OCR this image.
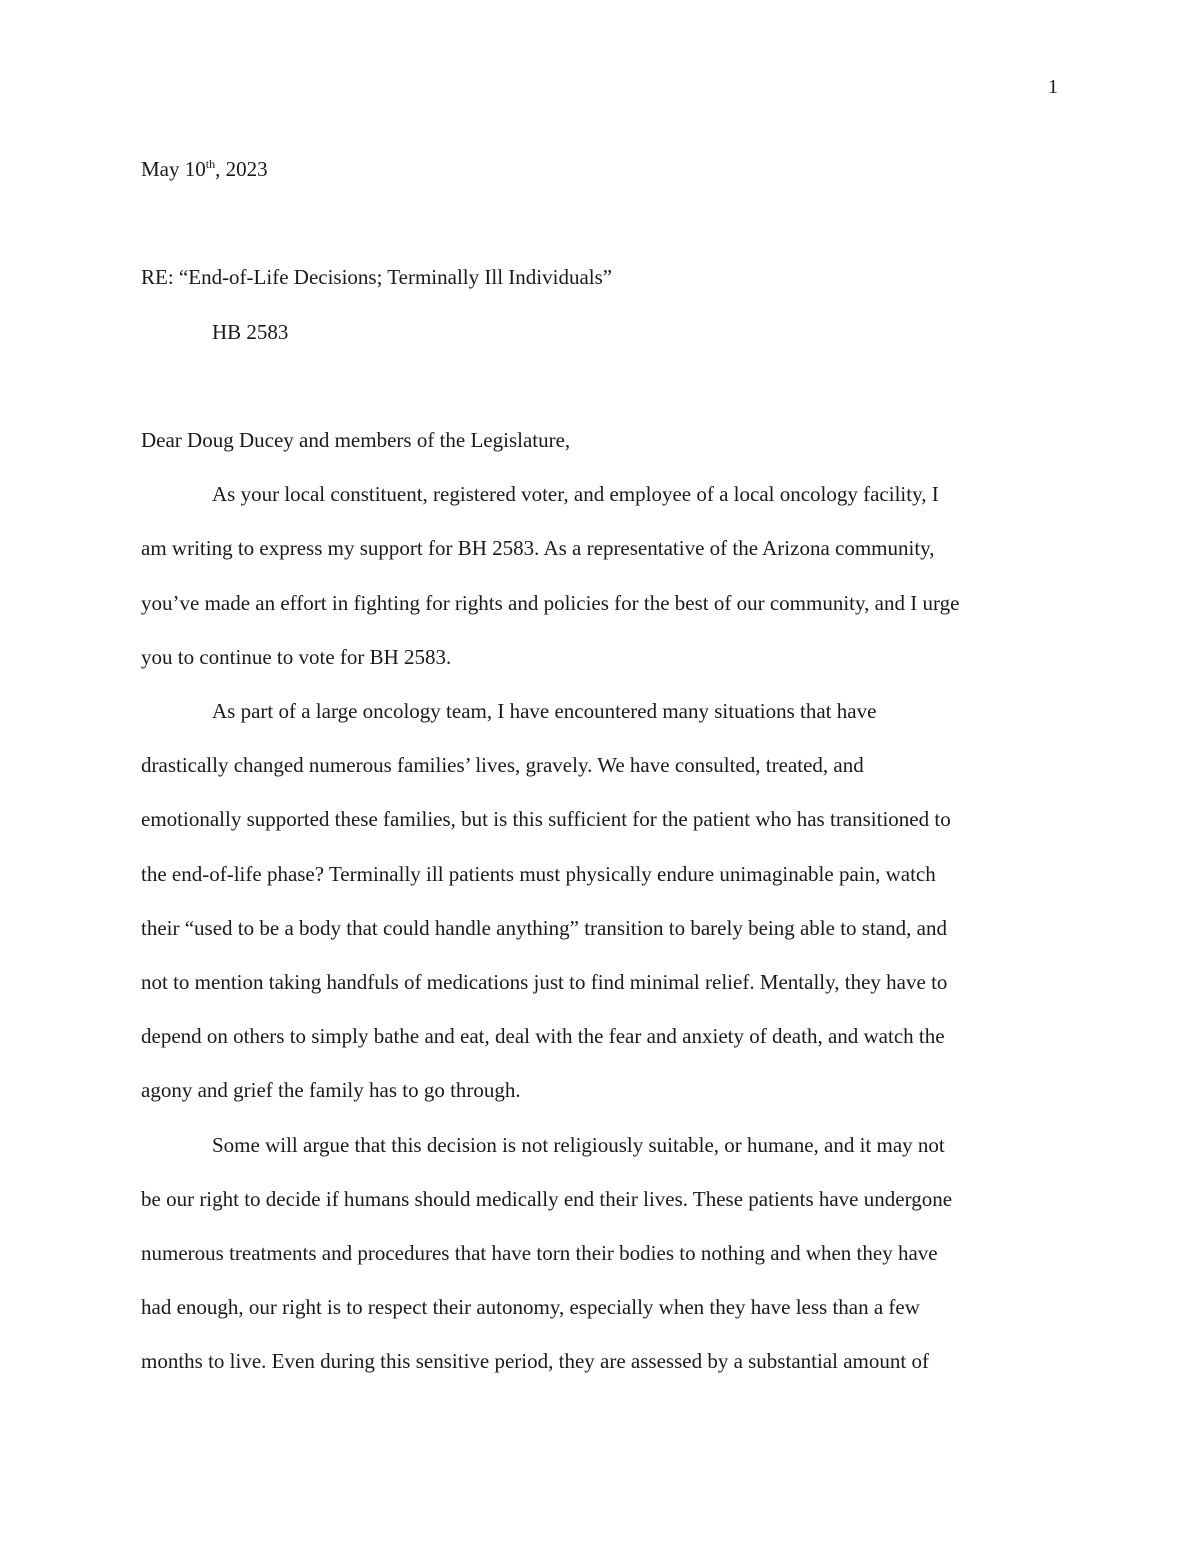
1

May 10th, 2023

RE: “End-of-Life Decisions; Terminally Ill Individuals”

HB 2583

Dear Doug Ducey and members of the Legislature,

As your local constituent, registered voter, and employee of a local oncology facility, I
am writing to express my support for BH 2583. As a representative of the Arizona community,
you’ve made an effort in fighting for rights and policies for the best of our community, and I urge
you to continue to vote for BH 2583.
As part of a large oncology team, I have encountered many situations that have
drastically changed numerous families’ lives, gravely. We have consulted, treated, and
emotionally supported these families, but is this sufficient for the patient who has transitioned to
the end-of-life phase? Terminally ill patients must physically endure unimaginable pain, watch
their “used to be a body that could handle anything” transition to barely being able to stand, and
not to mention taking handfuls of medications just to find minimal relief. Mentally, they have to
depend on others to simply bathe and eat, deal with the fear and anxiety of death, and watch the
agony and grief the family has to go through.
Some will argue that this decision is not religiously suitable, or humane, and it may not
be our right to decide if humans should medically end their lives. These patients have undergone
numerous treatments and procedures that have torn their bodies to nothing and when they have
had enough, our right is to respect their autonomy, especially when they have less than a few
months to live. Even during this sensitive period, they are assessed by a substantial amount of
